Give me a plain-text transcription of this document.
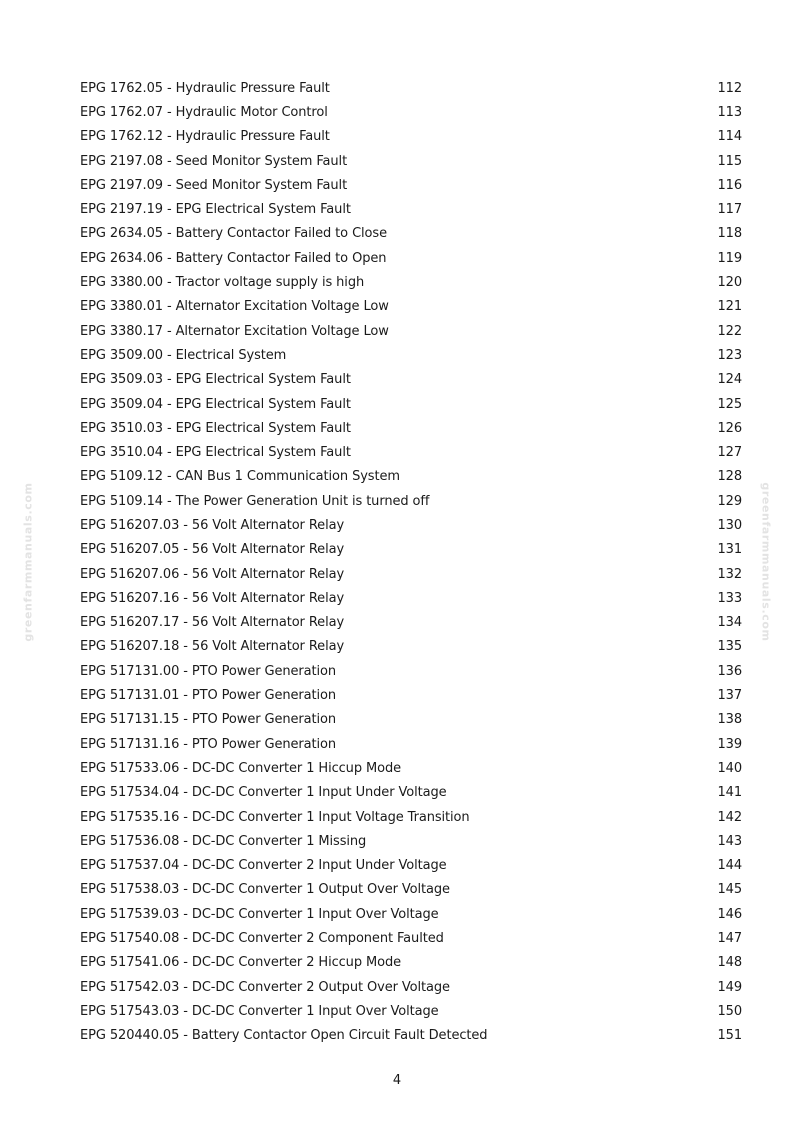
EPG 1762.05 - Hydraulic Pressure Fault	112
EPG 1762.07 - Hydraulic Motor Control	113
EPG 1762.12 - Hydraulic Pressure Fault	114
EPG 2197.08 - Seed Monitor System Fault	115
EPG 2197.09 - Seed Monitor System Fault	116
EPG 2197.19 - EPG Electrical System Fault	117
EPG 2634.05 - Battery Contactor Failed to Close	118
EPG 2634.06 - Battery Contactor Failed to Open	119
EPG 3380.00 - Tractor voltage supply is high	120
EPG 3380.01 - Alternator Excitation Voltage Low	121
EPG 3380.17 - Alternator Excitation Voltage Low	122
EPG 3509.00 - Electrical System	123
EPG 3509.03 - EPG Electrical System Fault	124
EPG 3509.04 - EPG Electrical System Fault	125
EPG 3510.03 - EPG Electrical System Fault	126
EPG 3510.04 - EPG Electrical System Fault	127
EPG 5109.12 - CAN Bus 1 Communication System	128
EPG 5109.14 - The Power Generation Unit is turned off	129
EPG 516207.03 - 56 Volt Alternator Relay	130
EPG 516207.05 - 56 Volt Alternator Relay	131
EPG 516207.06 - 56 Volt Alternator Relay	132
EPG 516207.16 - 56 Volt Alternator Relay	133
EPG 516207.17 - 56 Volt Alternator Relay	134
EPG 516207.18 - 56 Volt Alternator Relay	135
EPG 517131.00 - PTO Power Generation	136
EPG 517131.01 - PTO Power Generation	137
EPG 517131.15 - PTO Power Generation	138
EPG 517131.16 - PTO Power Generation	139
EPG 517533.06 - DC-DC Converter 1 Hiccup Mode	140
EPG 517534.04 - DC-DC Converter 1 Input Under Voltage	141
EPG 517535.16 - DC-DC Converter 1 Input Voltage Transition	142
EPG 517536.08 - DC-DC Converter 1 Missing	143
EPG 517537.04 - DC-DC Converter 2 Input Under Voltage	144
EPG 517538.03 - DC-DC Converter 1 Output Over Voltage	145
EPG 517539.03 - DC-DC Converter 1 Input Over Voltage	146
EPG 517540.08 - DC-DC Converter 2 Component Faulted	147
EPG 517541.06 - DC-DC Converter 2 Hiccup Mode	148
EPG 517542.03 - DC-DC Converter 2 Output Over Voltage	149
EPG 517543.03 - DC-DC Converter 1 Input Over Voltage	150
EPG 520440.05 - Battery Contactor Open Circuit Fault Detected	151
greenfarmmanuals.com	greenfarmmanuals.com
4
